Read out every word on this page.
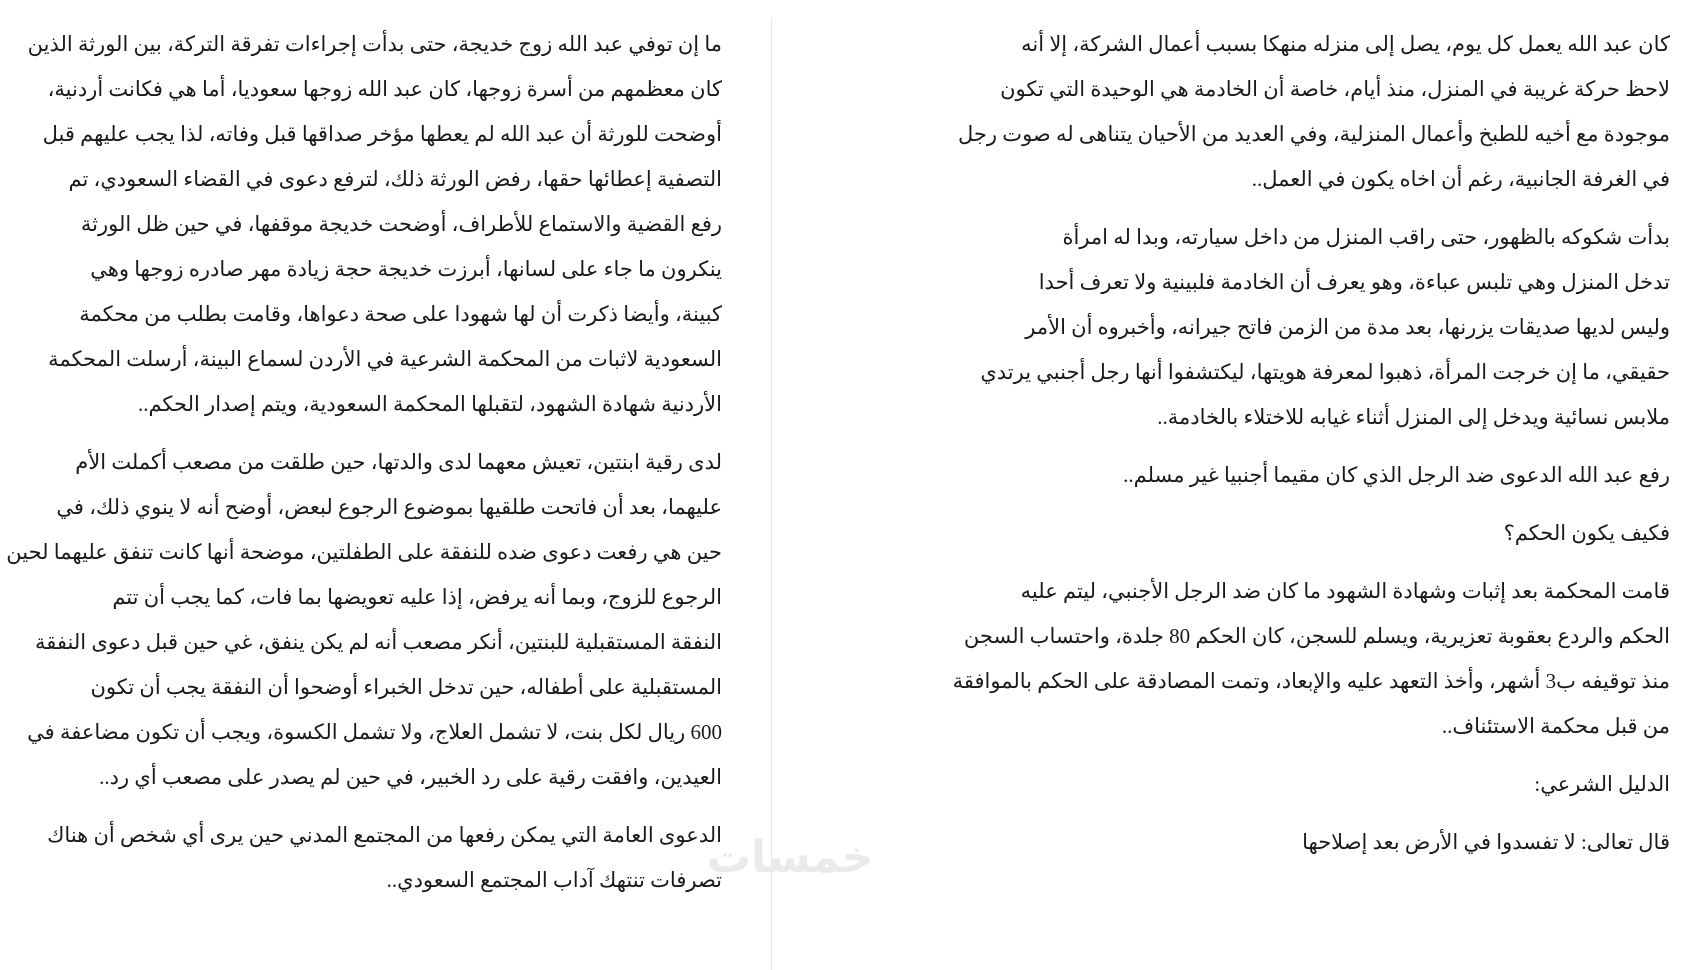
ما إن توفي عبد الله زوج خديجة، حتى بدأت إجراءات تفرقة التركة، بين الورثة الذين
كان معظمهم من أسرة زوجها، كان عبد الله زوجها سعوديا، أما هي فكانت أردنية،
أوضحت للورثة أن عبد الله لم يعطها مؤخر صداقها قبل وفاته، لذا يجب عليهم قبل
التصفية إعطائها حقها، رفض الورثة ذلك، لترفع دعوى في القضاء السعودي، تم
رفع القضية والاستماع للأطراف، أوضحت خديجة موقفها، في حين ظل الورثة
ينكرون ما جاء على لسانها، أبرزت خديجة حجة زيادة مهر صادره زوجها وهي
كبينة، وأيضا ذكرت أن لها شهودا على صحة دعواها، وقامت بطلب من محكمة
السعودية لاثبات من المحكمة الشرعية في الأردن لسماع البينة، أرسلت المحكمة
الأردنية شهادة الشهود، لتقبلها المحكمة السعودية، ويتم إصدار الحكم..

لدى رقية ابنتين، تعيش معهما لدى والدتها، حين طلقت من مصعب أكملت الأم
عليهما، بعد أن فاتحت طلقيها بموضوع الرجوع لبعض، أوضح أنه لا ينوي ذلك، في
حين هي رفعت دعوى ضده للنفقة على الطفلتين، موضحة أنها كانت تنفق عليهما لحين
الرجوع للزوج، وبما أنه يرفض، إذا عليه تعويضها بما فات، كما يجب أن تتم
النفقة المستقبلية للبنتين، أنكر مصعب أنه لم يكن ينفق، غي حين قبل دعوى النفقة
المستقبلية على أطفاله، حين تدخل الخبراء أوضحوا أن النفقة يجب أن تكون
600 ريال لكل بنت، لا تشمل العلاج، ولا تشمل الكسوة، ويجب أن تكون مضاعفة في
العيدين، وافقت رقية على رد الخبير، في حين لم يصدر على مصعب أي رد..

الدعوى العامة التي يمكن رفعها من المجتمع المدني حين يرى أي شخص أن هناك
تصرفات تنتهك آداب المجتمع السعودي..

كان عبد الله يعمل كل يوم، يصل إلى منزله منهكا بسبب أعمال الشركة، إلا أنه
لاحظ حركة غريبة في المنزل، منذ أيام، خاصة أن الخادمة هي الوحيدة التي تكون
موجودة مع أخيه للطبخ وأعمال المنزلية، وفي العديد من الأحيان يتناهى له صوت رجل
في الغرفة الجانبية، رغم أن اخاه يكون في العمل..

بدأت شكوكه بالظهور، حتى راقب المنزل من داخل سيارته، وبدا له امرأة
تدخل المنزل وهي تلبس عباءة، وهو يعرف أن الخادمة فلبينية ولا تعرف أحدا
وليس لديها صديقات يزرنها، بعد مدة من الزمن فاتح جيرانه، وأخبروه أن الأمر
حقيقي، ما إن خرجت المرأة، ذهبوا لمعرفة هويتها، ليكتشفوا أنها رجل أجنبي يرتدي
ملابس نسائية ويدخل إلى المنزل أثناء غيابه للاختلاء بالخادمة..

رفع عبد الله الدعوى ضد الرجل الذي كان مقيما أجنبيا غير مسلم..

فكيف يكون الحكم؟

قامت المحكمة بعد إثبات وشهادة الشهود ما كان ضد الرجل الأجنبي، ليتم عليه
الحكم والردع بعقوبة تعزيرية، ويسلم للسجن، كان الحكم 80 جلدة، واحتساب السجن
منذ توقيفه ب3 أشهر، وأخذ التعهد عليه والإبعاد، وتمت المصادقة على الحكم بالموافقة
من قبل محكمة الاستئناف..

الدليل الشرعي:

قال تعالى: لا تفسدوا في الأرض بعد إصلاحها

خمسات
